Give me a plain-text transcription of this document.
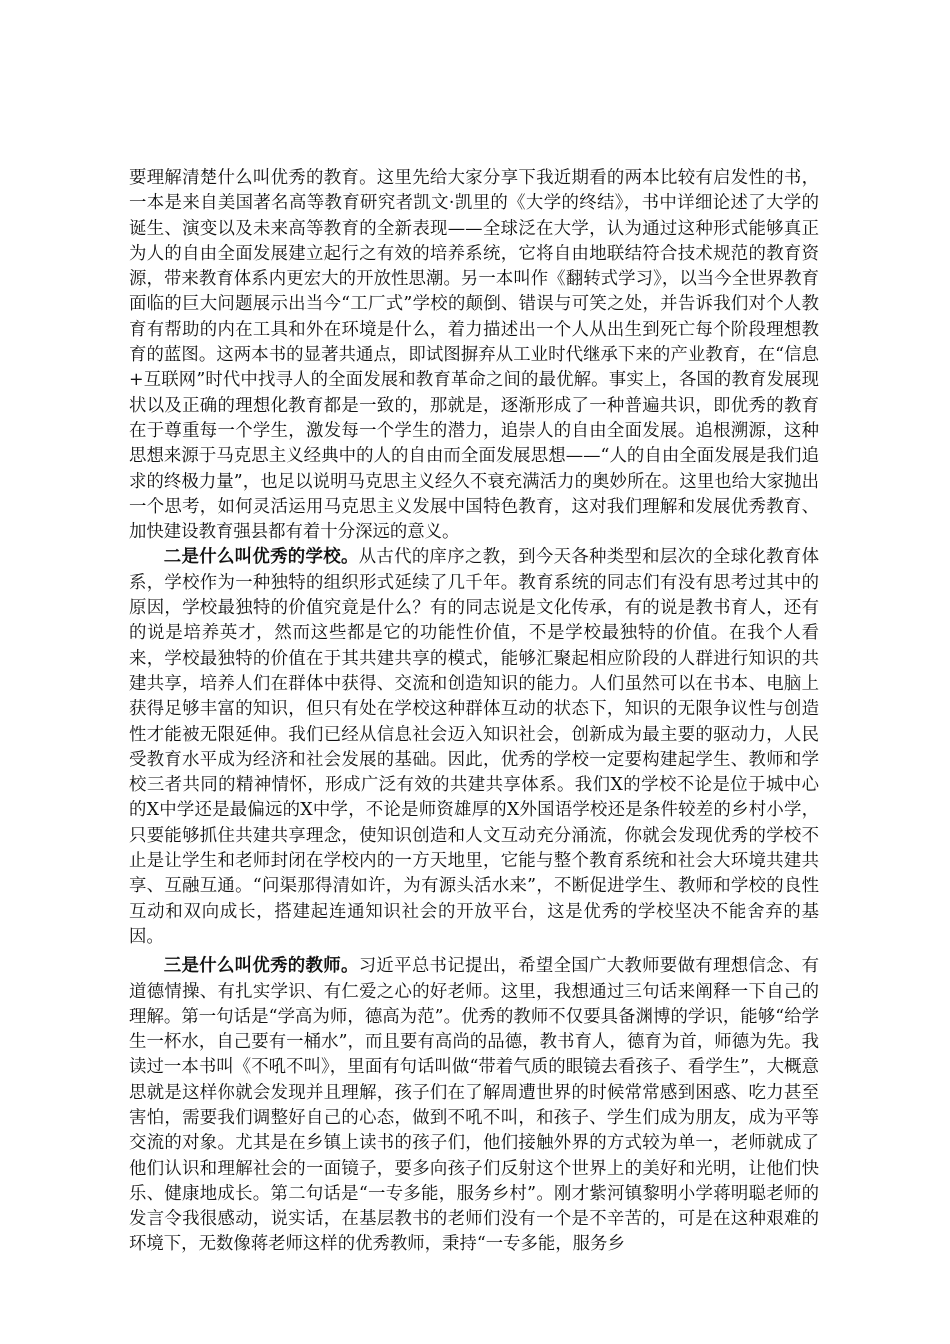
要理解清楚什么叫优秀的教育。这里先给大家分享下我近期看的两本比较有启发性的书，一本是来自美国著名高等教育研究者凯文·凯里的《大学的终结》，书中详细论述了大学的诞生、演变以及未来高等教育的全新表现——全球泛在大学，认为通过这种形式能够真正为人的自由全面发展建立起行之有效的培养系统，它将自由地联结符合技术规范的教育资源，带来教育体系内更宏大的开放性思潮。另一本叫作《翻转式学习》，以当今全世界教育面临的巨大问题展示出当今“工厂式”学校的颠倒、错误与可笑之处，并告诉我们对个人教育有帮助的内在工具和外在环境是什么，着力描述出一个人从出生到死亡每个阶段理想教育的蓝图。这两本书的显著共通点，即试图摒弃从工业时代继承下来的产业教育，在“信息+互联网”时代中找寻人的全面发展和教育革命之间的最优解。事实上，各国的教育发展现状以及正确的理想化教育都是一致的，那就是，逐渐形成了一种普遍共识，即优秀的教育在于尊重每一个学生，激发每一个学生的潜力，追崇人的自由全面发展。追根溯源，这种思想来源于马克思主义经典中的人的自由而全面发展思想——“人的自由全面发展是我们追求的终极力量”，也足以说明马克思主义经久不衰充满活力的奥妙所在。这里也给大家抛出一个思考，如何灵活运用马克思主义发展中国特色教育，这对我们理解和发展优秀教育、加快建设教育强县都有着十分深远的意义。

二是什么叫优秀的学校。从古代的庠序之教，到今天各种类型和层次的全球化教育体系，学校作为一种独特的组织形式延续了几千年。教育系统的同志们有没有思考过其中的原因，学校最独特的价值究竟是什么？有的同志说是文化传承，有的说是教书育人，还有的说是培养英才，然而这些都是它的功能性价值，不是学校最独特的价值。在我个人看来，学校最独特的价值在于其共建共享的模式，能够汇聚起相应阶段的人群进行知识的共建共享，培养人们在群体中获得、交流和创造知识的能力。人们虽然可以在书本、电脑上获得足够丰富的知识，但只有处在学校这种群体互动的状态下，知识的无限争议性与创造性才能被无限延伸。我们已经从信息社会迈入知识社会，创新成为最主要的驱动力，人民受教育水平成为经济和社会发展的基础。因此，优秀的学校一定要构建起学生、教师和学校三者共同的精神情怀，形成广泛有效的共建共享体系。我们X的学校不论是位于城中心的X中学还是最偏远的X中学，不论是师资雄厚的X外国语学校还是条件较差的乡村小学，只要能够抓住共建共享理念，使知识创造和人文互动充分涌流，你就会发现优秀的学校不止是让学生和老师封闭在学校内的一方天地里，它能与整个教育系统和社会大环境共建共享、互融互通。“问渠那得清如许，为有源头活水来”，不断促进学生、教师和学校的良性互动和双向成长，搭建起连通知识社会的开放平台，这是优秀的学校坚决不能舍弃的基因。

三是什么叫优秀的教师。习近平总书记提出，希望全国广大教师要做有理想信念、有道德情操、有扎实学识、有仁爱之心的好老师。这里，我想通过三句话来阐释一下自己的理解。第一句话是“学高为师，德高为范”。优秀的教师不仅要具备渊博的学识，能够“给学生一杯水，自己要有一桶水”，而且要有高尚的品德，教书育人，德育为首，师德为先。我读过一本书叫《不吼不叫》，里面有句话叫做“带着气质的眼镜去看孩子、看学生”，大概意思就是这样你就会发现并且理解，孩子们在了解周遭世界的时候常常感到困惑、吃力甚至害怕，需要我们调整好自己的心态，做到不吼不叫，和孩子、学生们成为朋友，成为平等交流的对象。尤其是在乡镇上读书的孩子们，他们接触外界的方式较为单一，老师就成了他们认识和理解社会的一面镜子，要多向孩子们反射这个世界上的美好和光明，让他们快乐、健康地成长。第二句话是“一专多能，服务乡村”。刚才紫河镇黎明小学蒋明聪老师的发言令我很感动，说实话，在基层教书的老师们没有一个是不辛苦的，可是在这种艰难的环境下，无数像蒋老师这样的优秀教师，秉持“一专多能，服务乡
